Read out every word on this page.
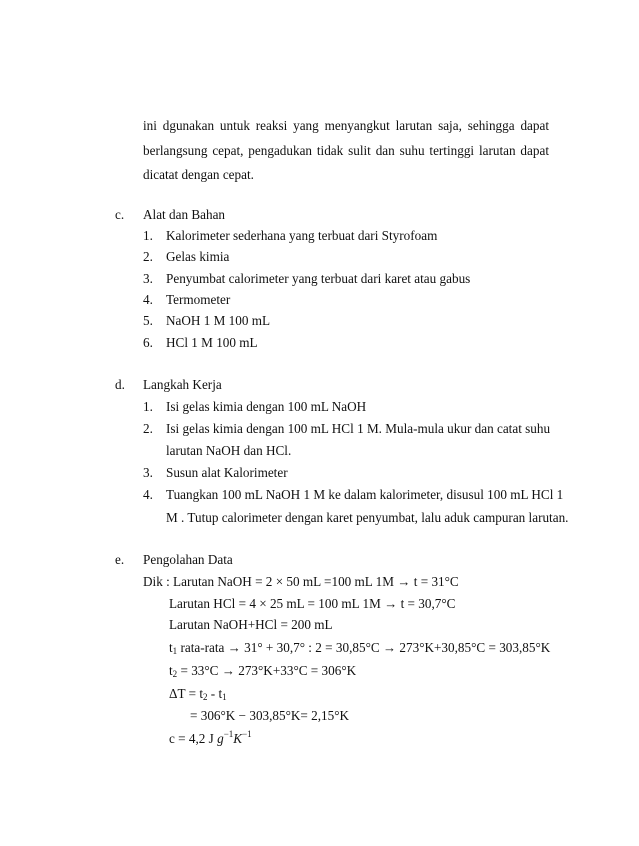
ini dgunakan untuk reaksi yang menyangkut larutan saja, sehingga dapat
berlangsung cepat, pengadukan tidak sulit dan suhu tertinggi larutan dapat
dicatat dengan cepat.
c. Alat dan Bahan
1. Kalorimeter sederhana yang terbuat dari Styrofoam
2. Gelas kimia
3. Penyumbat calorimeter yang terbuat dari karet atau gabus
4. Termometer
5. NaOH 1 M 100 mL
6. HCl 1 M 100 mL
d. Langkah Kerja
1. Isi gelas kimia dengan 100 mL NaOH
2. Isi gelas kimia dengan 100 mL HCl 1 M. Mula-mula ukur dan catat suhu
larutan NaOH dan HCl.
3. Susun alat Kalorimeter
4. Tuangkan 100 mL NaOH 1 M ke dalam kalorimeter, disusul 100 mL HCl 1
M . Tutup calorimeter dengan karet penyumbat, lalu aduk campuran larutan.
e. Pengolahan Data
Dik : Larutan NaOH = 2 × 50 mL =100 mL 1M → t = 31°C
Larutan HCl = 4 × 25 mL = 100 mL 1M → t = 30,7°C
Larutan NaOH+HCl = 200 mL
$t_1$ rata-rata → 31° + 30,7° : 2 = 30,85°C → 273°K+30,85°C = 303,85°K
$t_2 = 33^\circ C \to 273^\circ K+33^\circ C = 306^\circ K$
$\Delta T = t_2 - t_1$
= 306°K − 303,85°K= 2,15°K
c = 4,2 J $g^{-1}K^{-1}$
